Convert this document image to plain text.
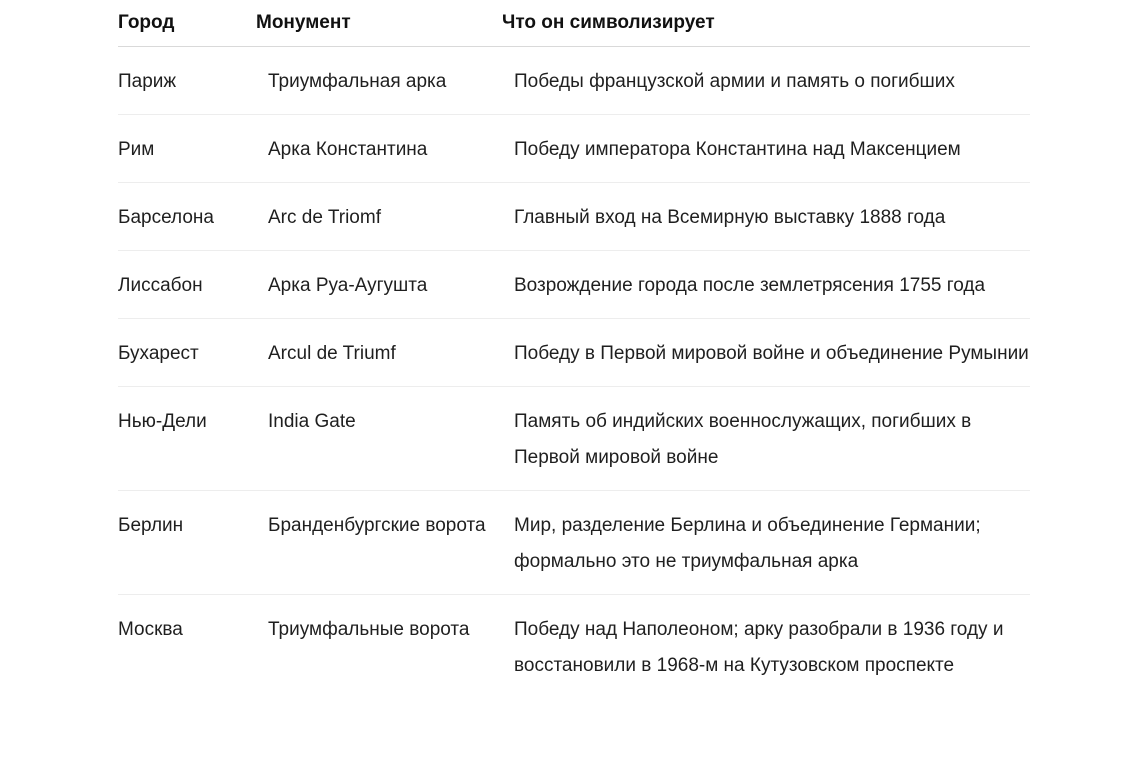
Город	Монумент	Что он символизирует
Париж	Триумфальная арка	Победы французской армии и память о погибших
Рим	Арка Константина	Победу императора Константина над Максенцием
Барселона	Arc de Triomf	Главный вход на Всемирную выставку 1888 года
Лиссабон	Арка Руа-Аугушта	Возрождение города после землетрясения 1755 года
Бухарест	Arcul de Triumf	Победу в Первой мировой войне и объединение Румынии
Нью-Дели	India Gate	Память об индийских военнослужащих, погибших в Первой мировой войне
Берлин	Бранденбургские ворота	Мир, разделение Берлина и объединение Германии; формально это не триумфальная арка
Москва	Триумфальные ворота	Победу над Наполеоном; арку разобрали в 1936 году и восстановили в 1968-м на Кутузовском проспекте
